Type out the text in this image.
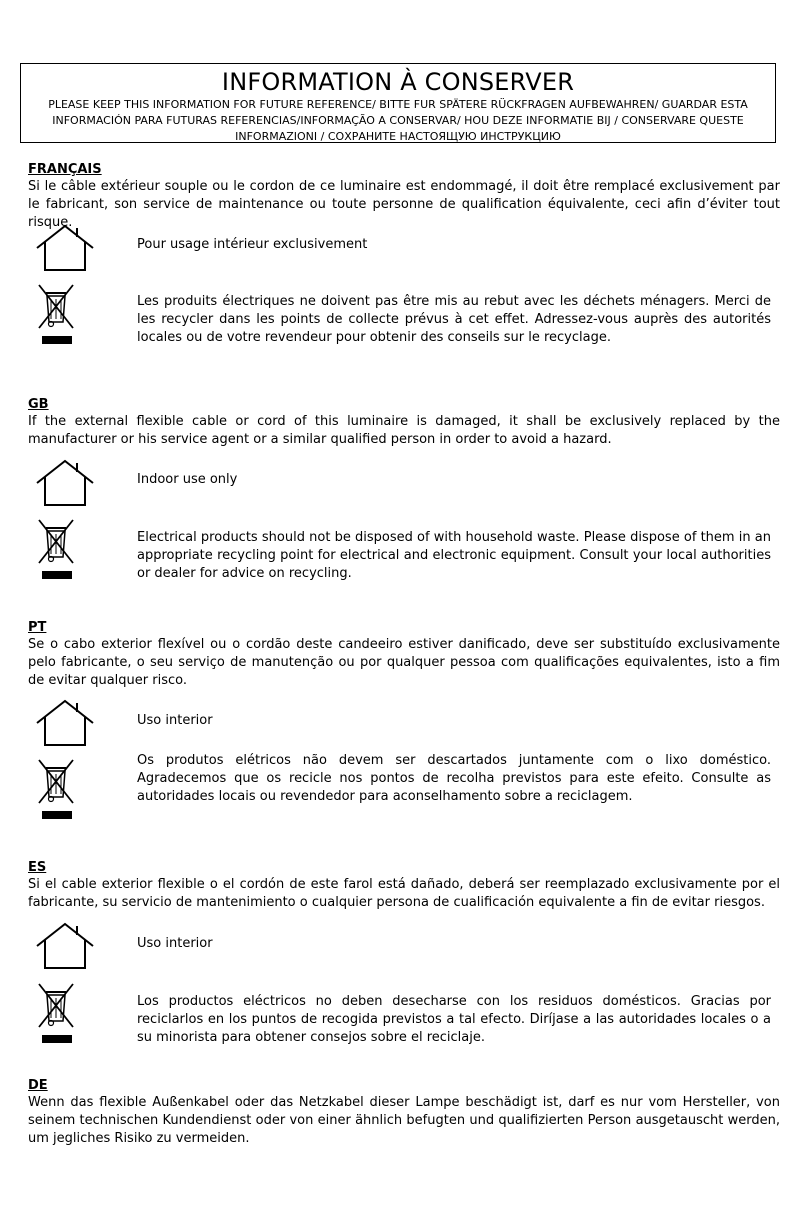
INFORMATION À CONSERVER
PLEASE KEEP THIS INFORMATION FOR FUTURE REFERENCE/ BITTE FUR SPÄTERE RÜCKFRAGEN AUFBEWAHREN/ GUARDAR ESTA INFORMACIÓN PARA FUTURAS REFERENCIAS/INFORMAÇÃO A CONSERVAR/ HOU DEZE INFORMATIE BIJ / CONSERVARE QUESTE INFORMAZIONI / СОХРАНИТЕ НАСТОЯЩУЮ ИНСТРУКЦИЮ
FRANÇAIS
Si le câble extérieur souple ou le cordon de ce luminaire est endommagé, il doit être remplacé exclusivement par le fabricant, son service de maintenance ou toute personne de qualification équivalente, ceci afin d’éviter tout risque.
Pour usage intérieur exclusivement
Les produits électriques ne doivent pas être mis au rebut avec les déchets ménagers. Merci de les recycler dans les points de collecte prévus à cet effet. Adressez-vous auprès des autorités locales ou de votre revendeur pour obtenir des conseils sur le recyclage.
GB
If the external flexible cable or cord of this luminaire is damaged, it shall be exclusively replaced by the manufacturer or his service agent or a similar qualified person in order to avoid a hazard.
Indoor use only
Electrical products should not be disposed of with household waste. Please dispose of them in an appropriate recycling point for electrical and electronic equipment. Consult your local authorities or dealer for advice on recycling.
PT
Se o cabo exterior flexível ou o cordão deste candeeiro estiver danificado, deve ser substituído exclusivamente pelo fabricante, o seu serviço de manutenção ou por qualquer pessoa com qualificações equivalentes, isto a fim de evitar qualquer risco.
Uso interior
Os produtos elétricos não devem ser descartados juntamente com o lixo doméstico. Agradecemos que os recicle nos pontos de recolha previstos para este efeito. Consulte as autoridades locais ou revendedor para aconselhamento sobre a reciclagem.
ES
Si el cable exterior flexible o el cordón de este farol está dañado, deberá ser reemplazado exclusivamente por el fabricante, su servicio de mantenimiento o cualquier persona de cualificación equivalente a fin de evitar riesgos.
Uso interior
Los productos eléctricos no deben desecharse con los residuos domésticos. Gracias por reciclarlos en los puntos de recogida previstos a tal efecto. Diríjase a las autoridades locales o a su minorista para obtener consejos sobre el reciclaje.
DE
Wenn das flexible Außenkabel oder das Netzkabel dieser Lampe beschädigt ist, darf es nur vom Hersteller, von seinem technischen Kundendienst oder von einer ähnlich befugten und qualifizierten Person ausgetauscht werden, um jegliches Risiko zu vermeiden.
